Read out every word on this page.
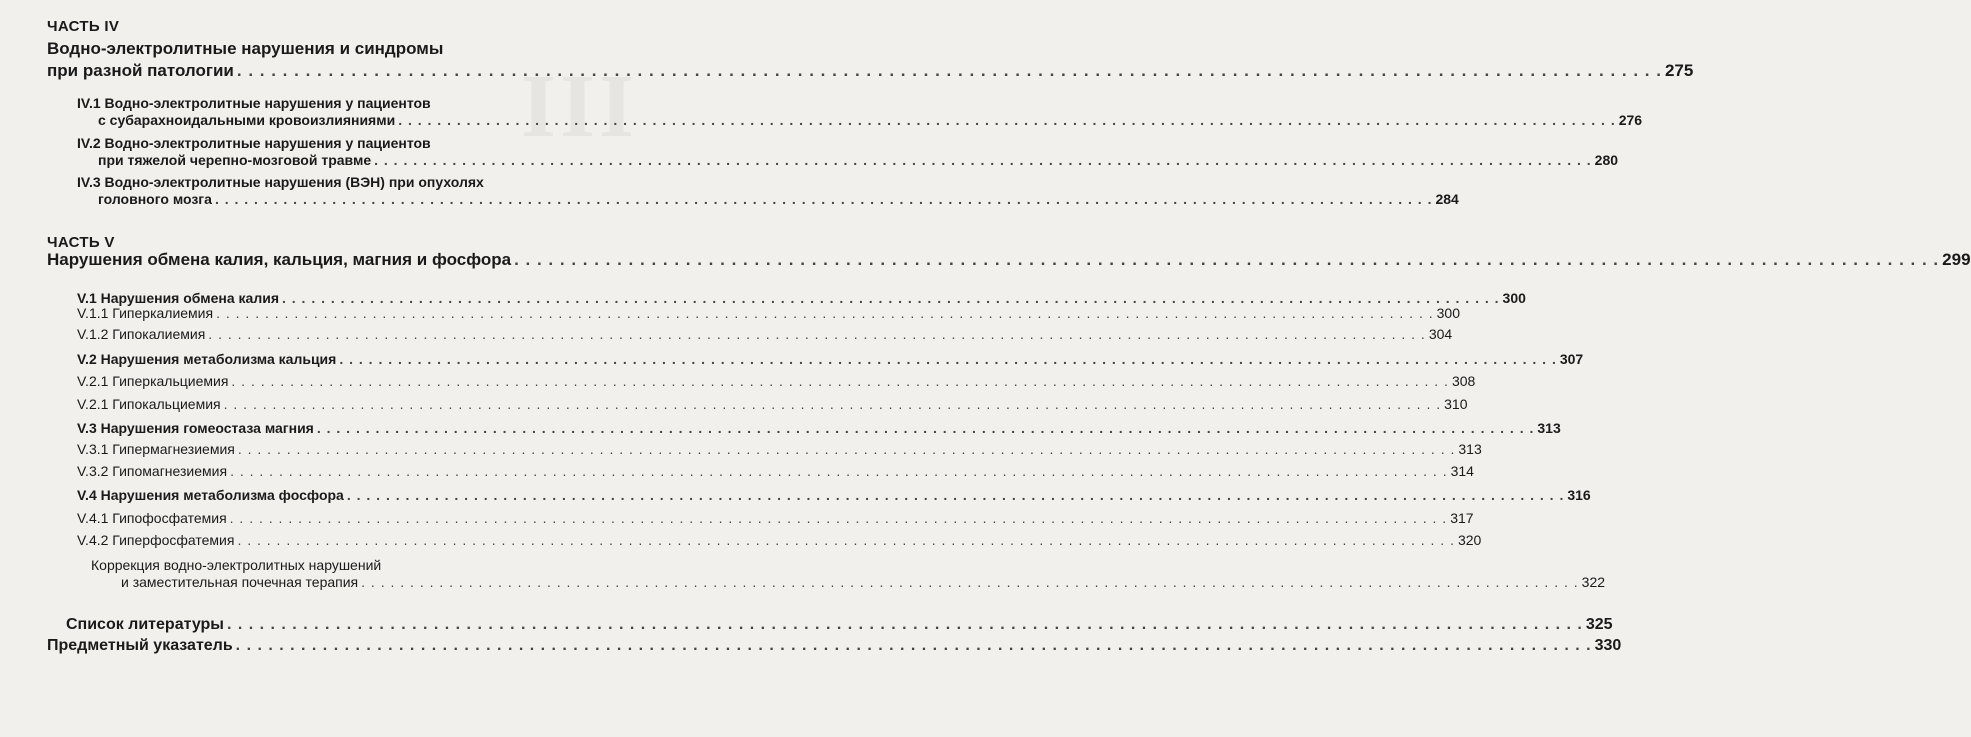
III
ЧАСТЬ IV
Водно-электролитные нарушения и синдромы
при разной патологии . . .	275
IV.1 Водно-электролитные нарушения у пациентов
с субарахноидальными кровоизлияниями . . .	276
IV.2 Водно-электролитные нарушения у пациентов
при тяжелой черепно-мозговой травме . . .	280
IV.3 Водно-электролитные нарушения (ВЭН) при опухолях
головного мозга . . .	284
ЧАСТЬ V
Нарушения обмена калия, кальция, магния и фосфора . . .	299
V.1 Нарушения обмена калия . . .	300
V.1.1 Гиперкалиемия . . .	300
V.1.2 Гипокалиемия . . .	304
V.2 Нарушения метаболизма кальция . . .	307
V.2.1 Гиперкальциемия . . .	308
V.2.1 Гипокальциемия . . .	310
V.3 Нарушения гомеостаза магния . . .	313
V.3.1 Гипермагнезиемия . . .	313
V.3.2 Гипомагнезиемия . . .	314
V.4 Нарушения метаболизма фосфора . . .	316
V.4.1 Гипофосфатемия . . .	317
V.4.2 Гиперфосфатемия . . .	320
Коррекция водно-электролитных нарушений
и заместительная почечная терапия . . .	322
Список литературы . . .	325
Предметный указатель . . .	330
